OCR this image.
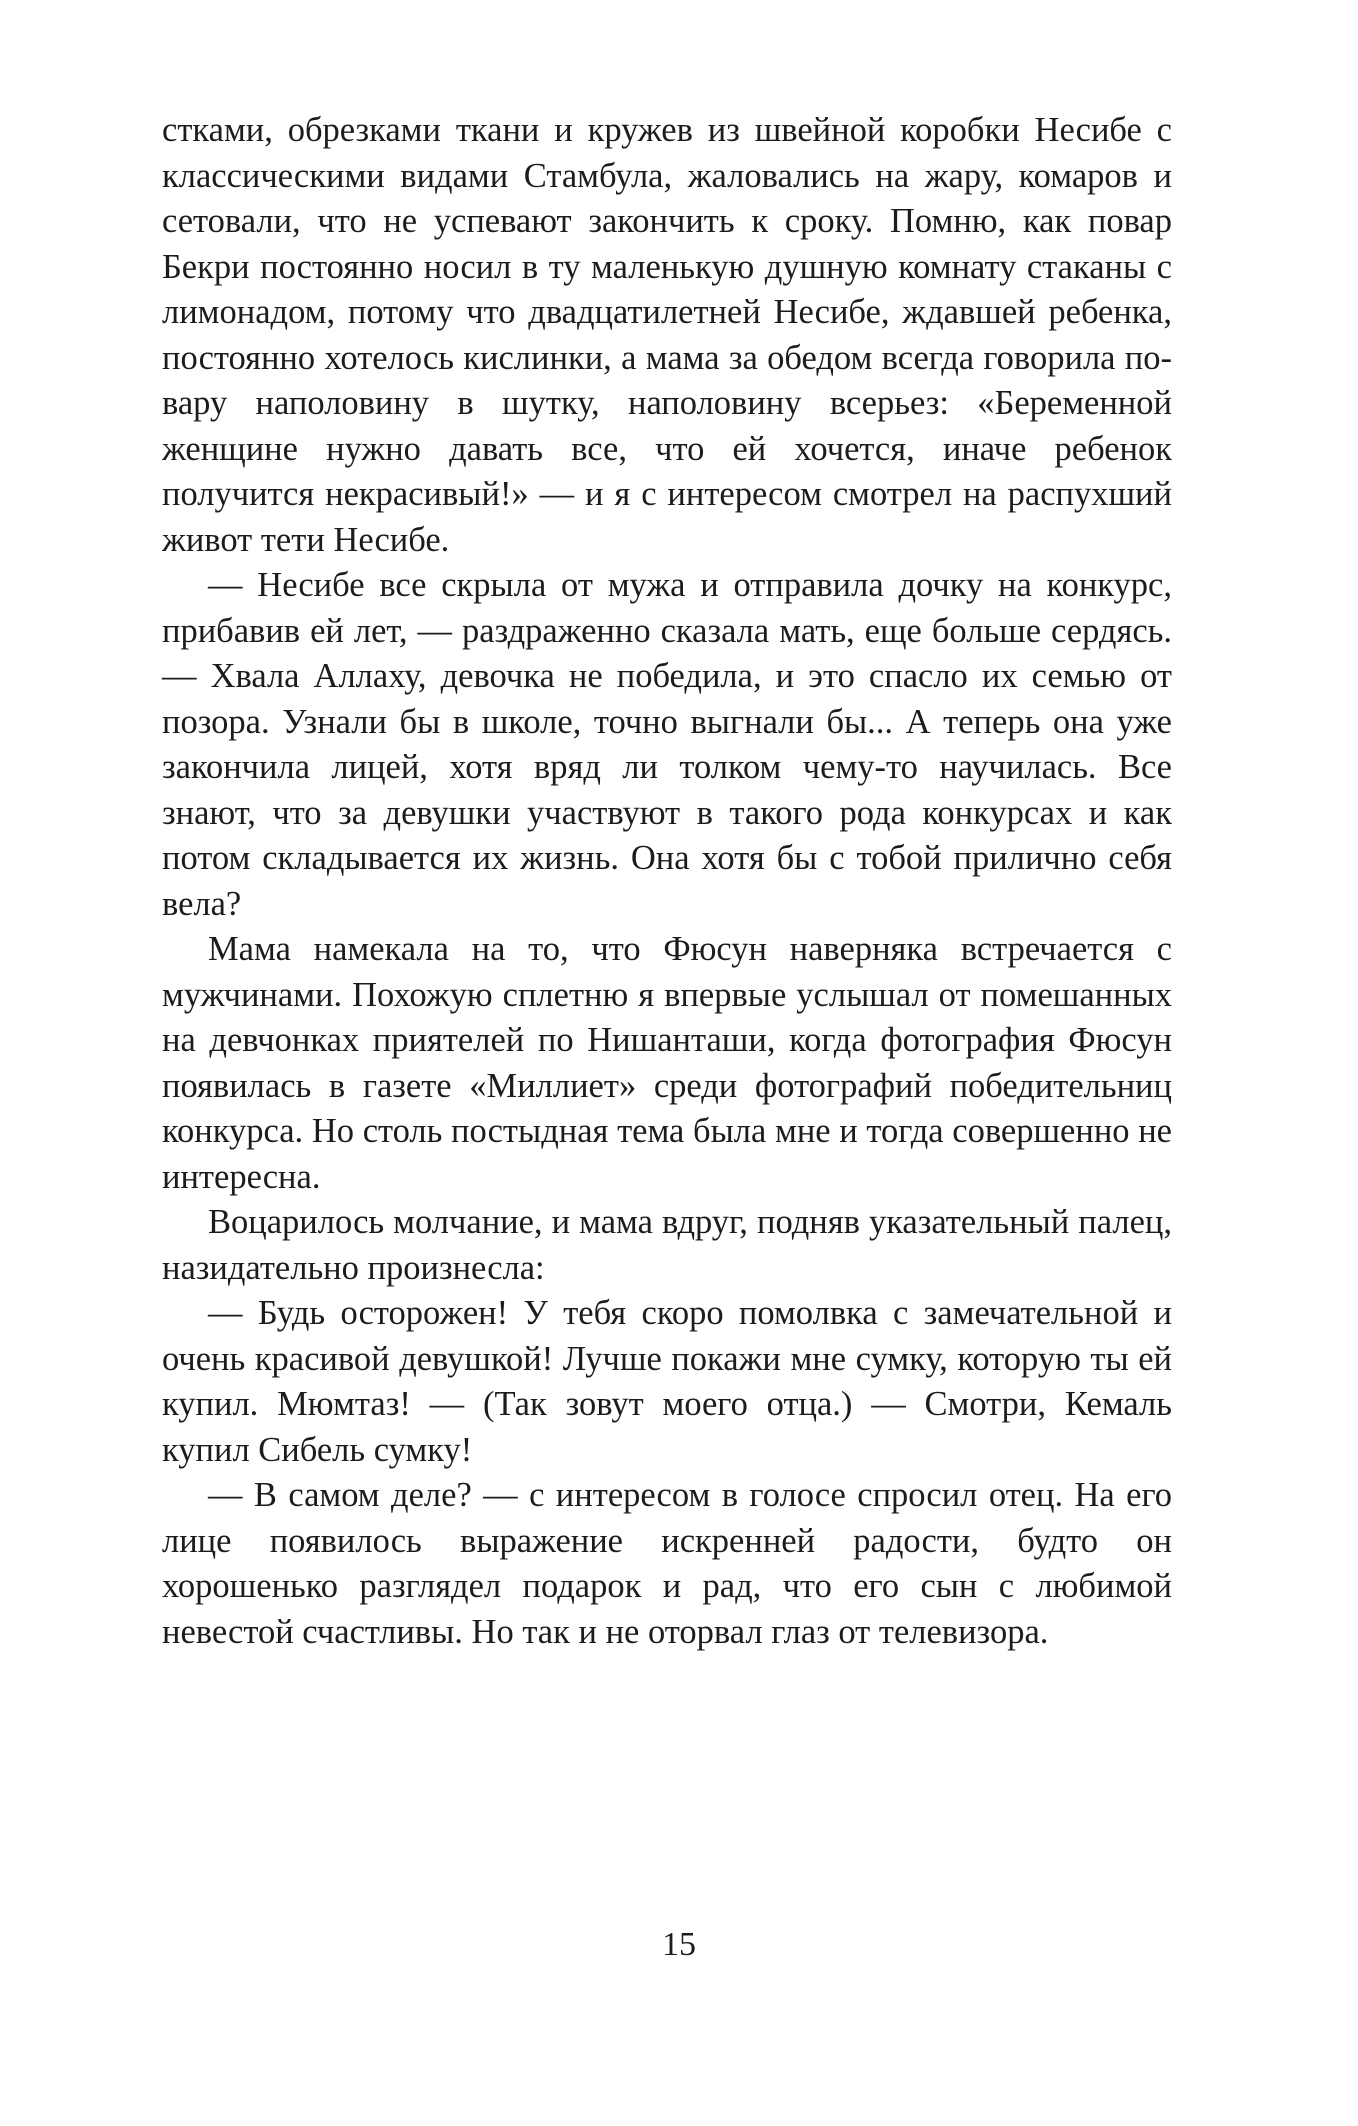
стками, обрезками ткани и кружев из швейной коробки Несибе с классическими видами Стамбула, жаловались на жару, комаров и сетовали, что не успевают закончить к сроку. Помню, как повар Бекри постоянно носил в ту маленькую душную комнату стаканы с лимонадом, потому что двадцатилетней Несибе, ждавшей ребенка, постоянно хотелось кислинки, а мама за обедом всегда говорила повару наполовину в шутку, наполовину всерьез: «Беременной женщине нужно давать все, что ей хочется, иначе ребенок получится некрасивый!» — и я с интересом смотрел на распухший живот тети Несибе.

— Несибе все скрыла от мужа и отправила дочку на конкурс, прибавив ей лет, — раздраженно сказала мать, еще больше сердясь. — Хвала Аллаху, девочка не победила, и это спасло их семью от позора. Узнали бы в школе, точно выгнали бы... А теперь она уже закончила лицей, хотя вряд ли толком чему-то научилась. Все знают, что за девушки участвуют в такого рода конкурсах и как потом складывается их жизнь. Она хотя бы с тобой прилично себя вела?

Мама намекала на то, что Фюсун наверняка встречается с мужчинами. Похожую сплетню я впервые услышал от помешанных на девчонках приятелей по Нишанташи, когда фотография Фюсун появилась в газете «Миллиет» среди фотографий победительниц конкурса. Но столь постыдная тема была мне и тогда совершенно не интересна.

Воцарилось молчание, и мама вдруг, подняв указательный палец, назидательно произнесла:

— Будь осторожен! У тебя скоро помолвка с замечательной и очень красивой девушкой! Лучше покажи мне сумку, которую ты ей купил. Мюмтаз! — (Так зовут моего отца.) — Смотри, Кемаль купил Сибель сумку!

— В самом деле? — с интересом в голосе спросил отец. На его лице появилось выражение искренней радости, будто он хорошенько разглядел подарок и рад, что его сын с любимой невестой счастливы. Но так и не оторвал глаз от телевизора.

15
